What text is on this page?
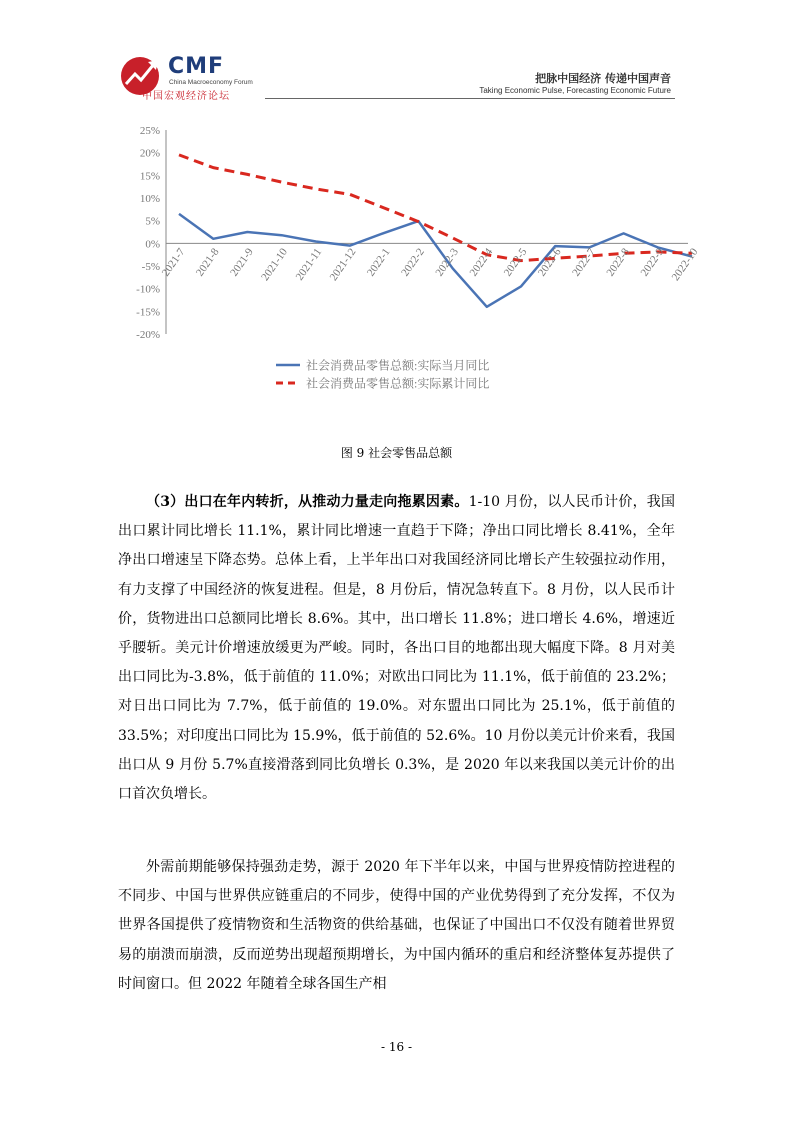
CMF
China Macroeconomy Forum
中国宏观经济论坛
把脉中国经济 传递中国声音
Taking Economic Pulse, Forecasting Economic Future
25%
20%
15%
10%
5%
0%
-5%
-10%
-15%
-20%
2021-7 2021-8 2021-9 2021-10 2021-11 2021-12 2022-1 2022-2 2022-3 2022-4 2022-5 2022-6 2022-7 2022-8 2022-9 2022-10
社会消费品零售总额:实际当月同比
社会消费品零售总额:实际累计同比
图 9 社会零售品总额

（3）出口在年内转折，从推动力量走向拖累因素。1-10 月份，以人民币计价，我国出口累计同比增长 11.1%，累计同比增速一直趋于下降；净出口同比增长 8.41%，全年净出口增速呈下降态势。总体上看，上半年出口对我国经济同比增长产生较强拉动作用，有力支撑了中国经济的恢复进程。但是，8 月份后，情况急转直下。8 月份，以人民币计价，货物进出口总额同比增长 8.6%。其中，出口增长 11.8%；进口增长 4.6%，增速近乎腰斩。美元计价增速放缓更为严峻。同时，各出口目的地都出现大幅度下降。8 月对美出口同比为-3.8%，低于前值的 11.0%；对欧出口同比为 11.1%，低于前值的 23.2%；对日出口同比为 7.7%，低于前值的 19.0%。对东盟出口同比为 25.1%，低于前值的 33.5%；对印度出口同比为 15.9%，低于前值的 52.6%。10 月份以美元计价来看，我国出口从 9 月份 5.7%直接滑落到同比负增长 0.3%，是 2020 年以来我国以美元计价的出口首次负增长。

外需前期能够保持强劲走势，源于 2020 年下半年以来，中国与世界疫情防控进程的不同步、中国与世界供应链重启的不同步，使得中国的产业优势得到了充分发挥，不仅为世界各国提供了疫情物资和生活物资的供给基础，也保证了中国出口不仅没有随着世界贸易的崩溃而崩溃，反而逆势出现超预期增长，为中国内循环的重启和经济整体复苏提供了时间窗口。但 2022 年随着全球各国生产相

- 16 -
